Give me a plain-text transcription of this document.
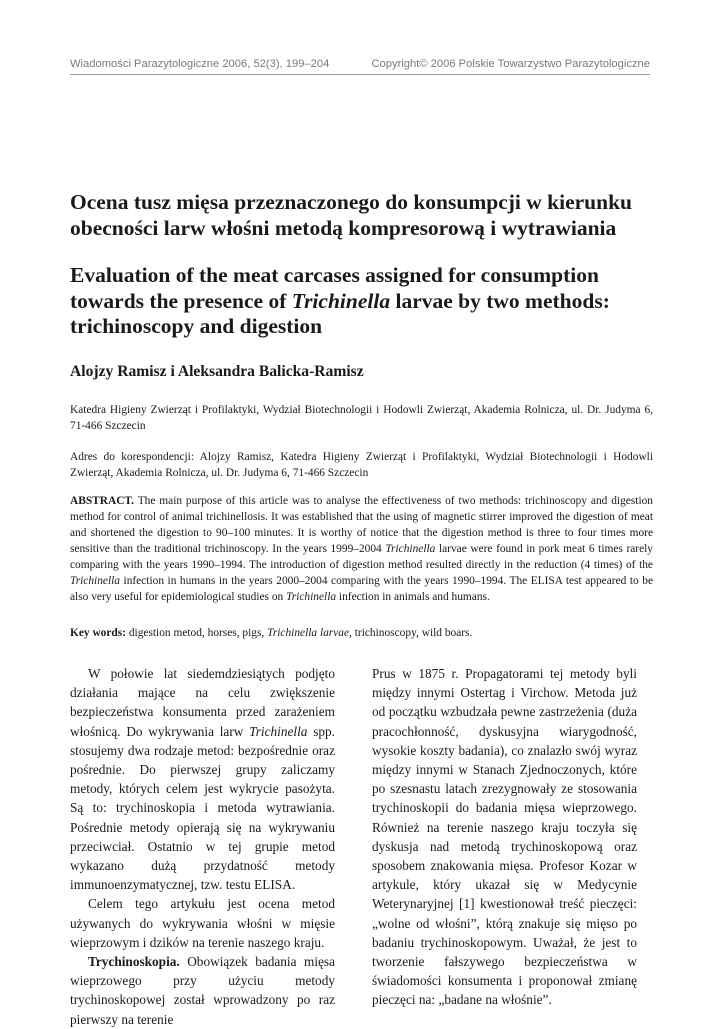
Wiadomości Parazytologiczne 2006, 52(3), 199–204	Copyright© 2006 Polskie Towarzystwo Parazytologiczne
Ocena tusz mięsa przeznaczonego do konsumpcji w kierunku
obecności larw włośni metodą kompresorową i wytrawiania
Evaluation of the meat carcases assigned for consumption
towards the presence of Trichinella larvae by two methods:
trichinoscopy and digestion

Alojzy Ramisz i Aleksandra Balicka-Ramisz

Katedra Higieny Zwierząt i Profilaktyki, Wydział Biotechnologii i Hodowli Zwierząt, Akademia Rolnicza, ul. Dr. Judyma 6, 71-466 Szczecin

Adres do korespondencji: Alojzy Ramisz, Katedra Higieny Zwierząt i Profilaktyki, Wydział Biotechnologii i Hodowli Zwierząt, Akademia Rolnicza, ul. Dr. Judyma 6, 71-466 Szczecin

ABSTRACT. The main purpose of this article was to analyse the effectiveness of two methods: trichinoscopy and digestion method for control of animal trichinellosis. It was established that the using of magnetic stirrer improved the digestion of meat and shortened the digestion to 90–100 minutes. It is worthy of notice that the digestion method is three to four times more sensitive than the traditional trichinoscopy. In the years 1999–2004 Trichinella larvae were found in pork meat 6 times rarely comparing with the years 1990–1994. The introduction of digestion method resulted directly in the reduction (4 times) of the Trichinella infection in humans in the years 2000–2004 comparing with the years 1990–1994. The ELISA test appeared to be also very useful for epidemiological studies on Trichinella infection in animals and humans.

Key words: digestion metod, horses, pigs, Trichinella larvae, trichinoscopy, wild boars.

W połowie lat siedemdziesiątych podjęto działania mające na celu zwiększenie bezpieczeństwa konsumenta przed zarażeniem włośnicą. Do wykrywania larw Trichinella spp. stosujemy dwa rodzaje metod: bezpośrednie oraz pośrednie. Do pierwszej grupy zaliczamy metody, których celem jest wykrycie pasożyta. Są to: trychinoskopia i metoda wytrawiania. Pośrednie metody opierają się na wykrywaniu przeciwciał. Ostatnio w tej grupie metod wykazano dużą przydatność metody immunoenzymatycznej, tzw. testu ELISA.

Celem tego artykułu jest ocena metod używanych do wykrywania włośni w mięsie wieprzowym i dzików na terenie naszego kraju.

Trychinoskopia. Obowiązek badania mięsa wieprzowego przy użyciu metody trychinoskopowej został wprowadzony po raz pierwszy na terenie

Prus w 1875 r. Propagatorami tej metody byli między innymi Ostertag i Virchow. Metoda już od początku wzbudzała pewne zastrzeżenia (duża pracochłonność, dyskusyjna wiarygodność, wysokie koszty badania), co znalazło swój wyraz między innymi w Stanach Zjednoczonych, które po szesnastu latach zrezygnowały ze stosowania trychinoskopii do badania mięsa wieprzowego. Również na terenie naszego kraju toczyła się dyskusja nad metodą trychinoskopową oraz sposobem znakowania mięsa. Profesor Kozar w artykule, który ukazał się w Medycynie Weterynaryjnej [1] kwestionował treść pieczęci: „wolne od włośni”, którą znakuje się mięso po badaniu trychinoskopowym. Uważał, że jest to tworzenie fałszywego bezpieczeństwa w świadomości konsumenta i proponował zmianę pieczęci na: „badane na włośnie”.
